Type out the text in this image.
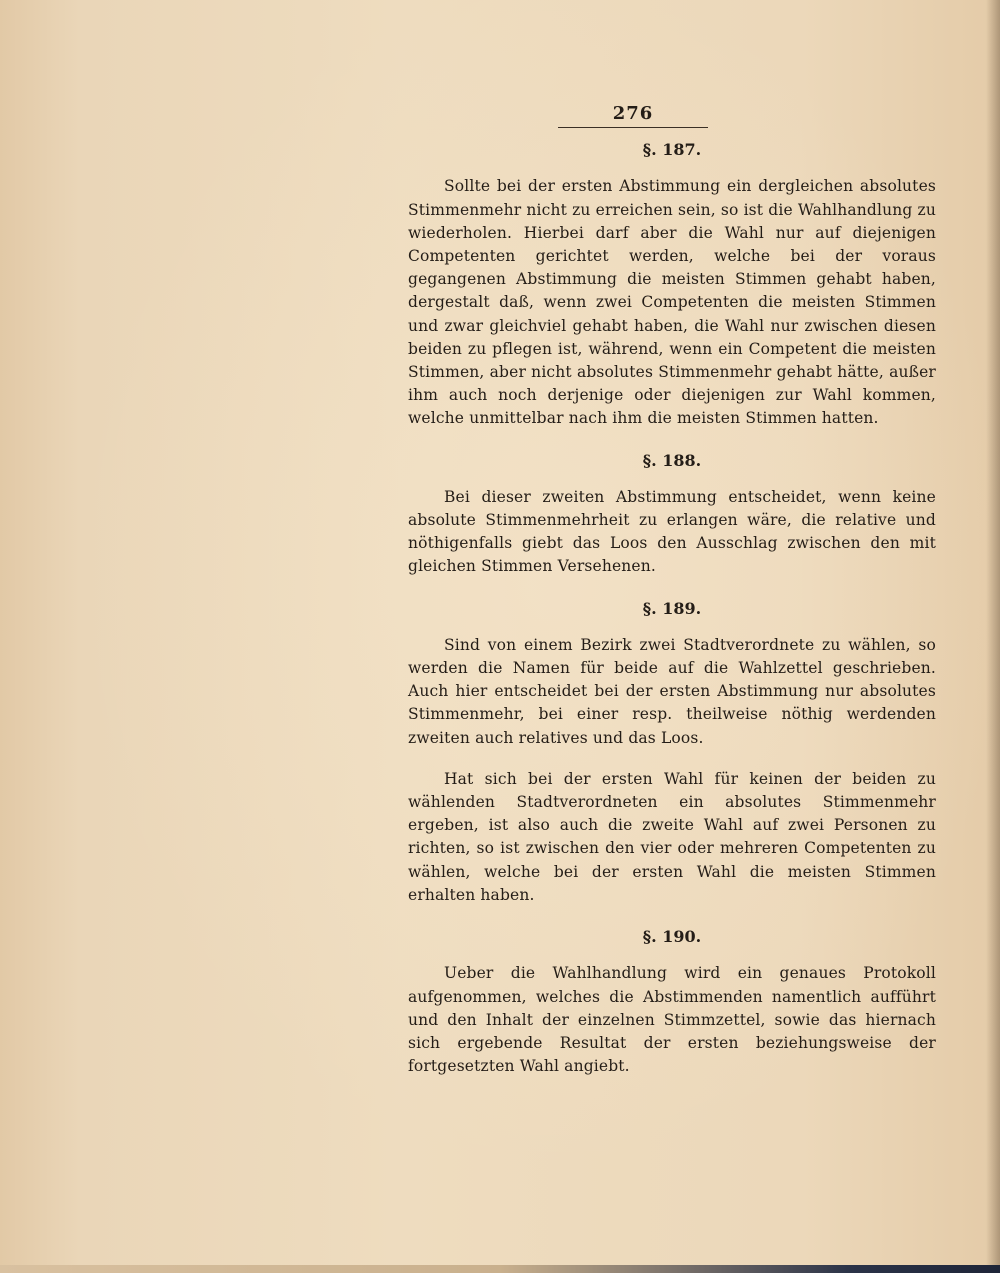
276
§. 187.

Sollte bei der ersten Abstimmung ein dergleichen absolutes Stimmenmehr nicht zu erreichen sein, so ist die Wahlhandlung zu wiederholen. Hierbei darf aber die Wahl nur auf diejenigen Competenten gerichtet werden, welche bei der voraus gegangenen Abstimmung die meisten Stimmen gehabt haben, dergestalt daß, wenn zwei Competenten die meisten Stimmen und zwar gleichviel gehabt haben, die Wahl nur zwischen diesen beiden zu pflegen ist, während, wenn ein Competent die meisten Stimmen, aber nicht absolutes Stimmenmehr gehabt hätte, außer ihm auch noch derjenige oder diejenigen zur Wahl kommen, welche unmittelbar nach ihm die meisten Stimmen hatten.

§. 188.

Bei dieser zweiten Abstimmung entscheidet, wenn keine absolute Stimmenmehrheit zu erlangen wäre, die relative und nöthigenfalls giebt das Loos den Ausschlag zwischen den mit gleichen Stimmen Versehenen.

§. 189.

Sind von einem Bezirk zwei Stadtverordnete zu wählen, so werden die Namen für beide auf die Wahlzettel geschrieben. Auch hier entscheidet bei der ersten Abstimmung nur absolutes Stimmenmehr, bei einer resp. theilweise nöthig werdenden zweiten auch relatives und das Loos.

Hat sich bei der ersten Wahl für keinen der beiden zu wählenden Stadtverordneten ein absolutes Stimmenmehr ergeben, ist also auch die zweite Wahl auf zwei Personen zu richten, so ist zwischen den vier oder mehreren Competenten zu wählen, welche bei der ersten Wahl die meisten Stimmen erhalten haben.

§. 190.

Ueber die Wahlhandlung wird ein genaues Protokoll aufgenommen, welches die Abstimmenden namentlich aufführt und den Inhalt der einzelnen Stimmzettel, sowie das hiernach sich ergebende Resultat der ersten beziehungsweise der fortgesetzten Wahl angiebt.
